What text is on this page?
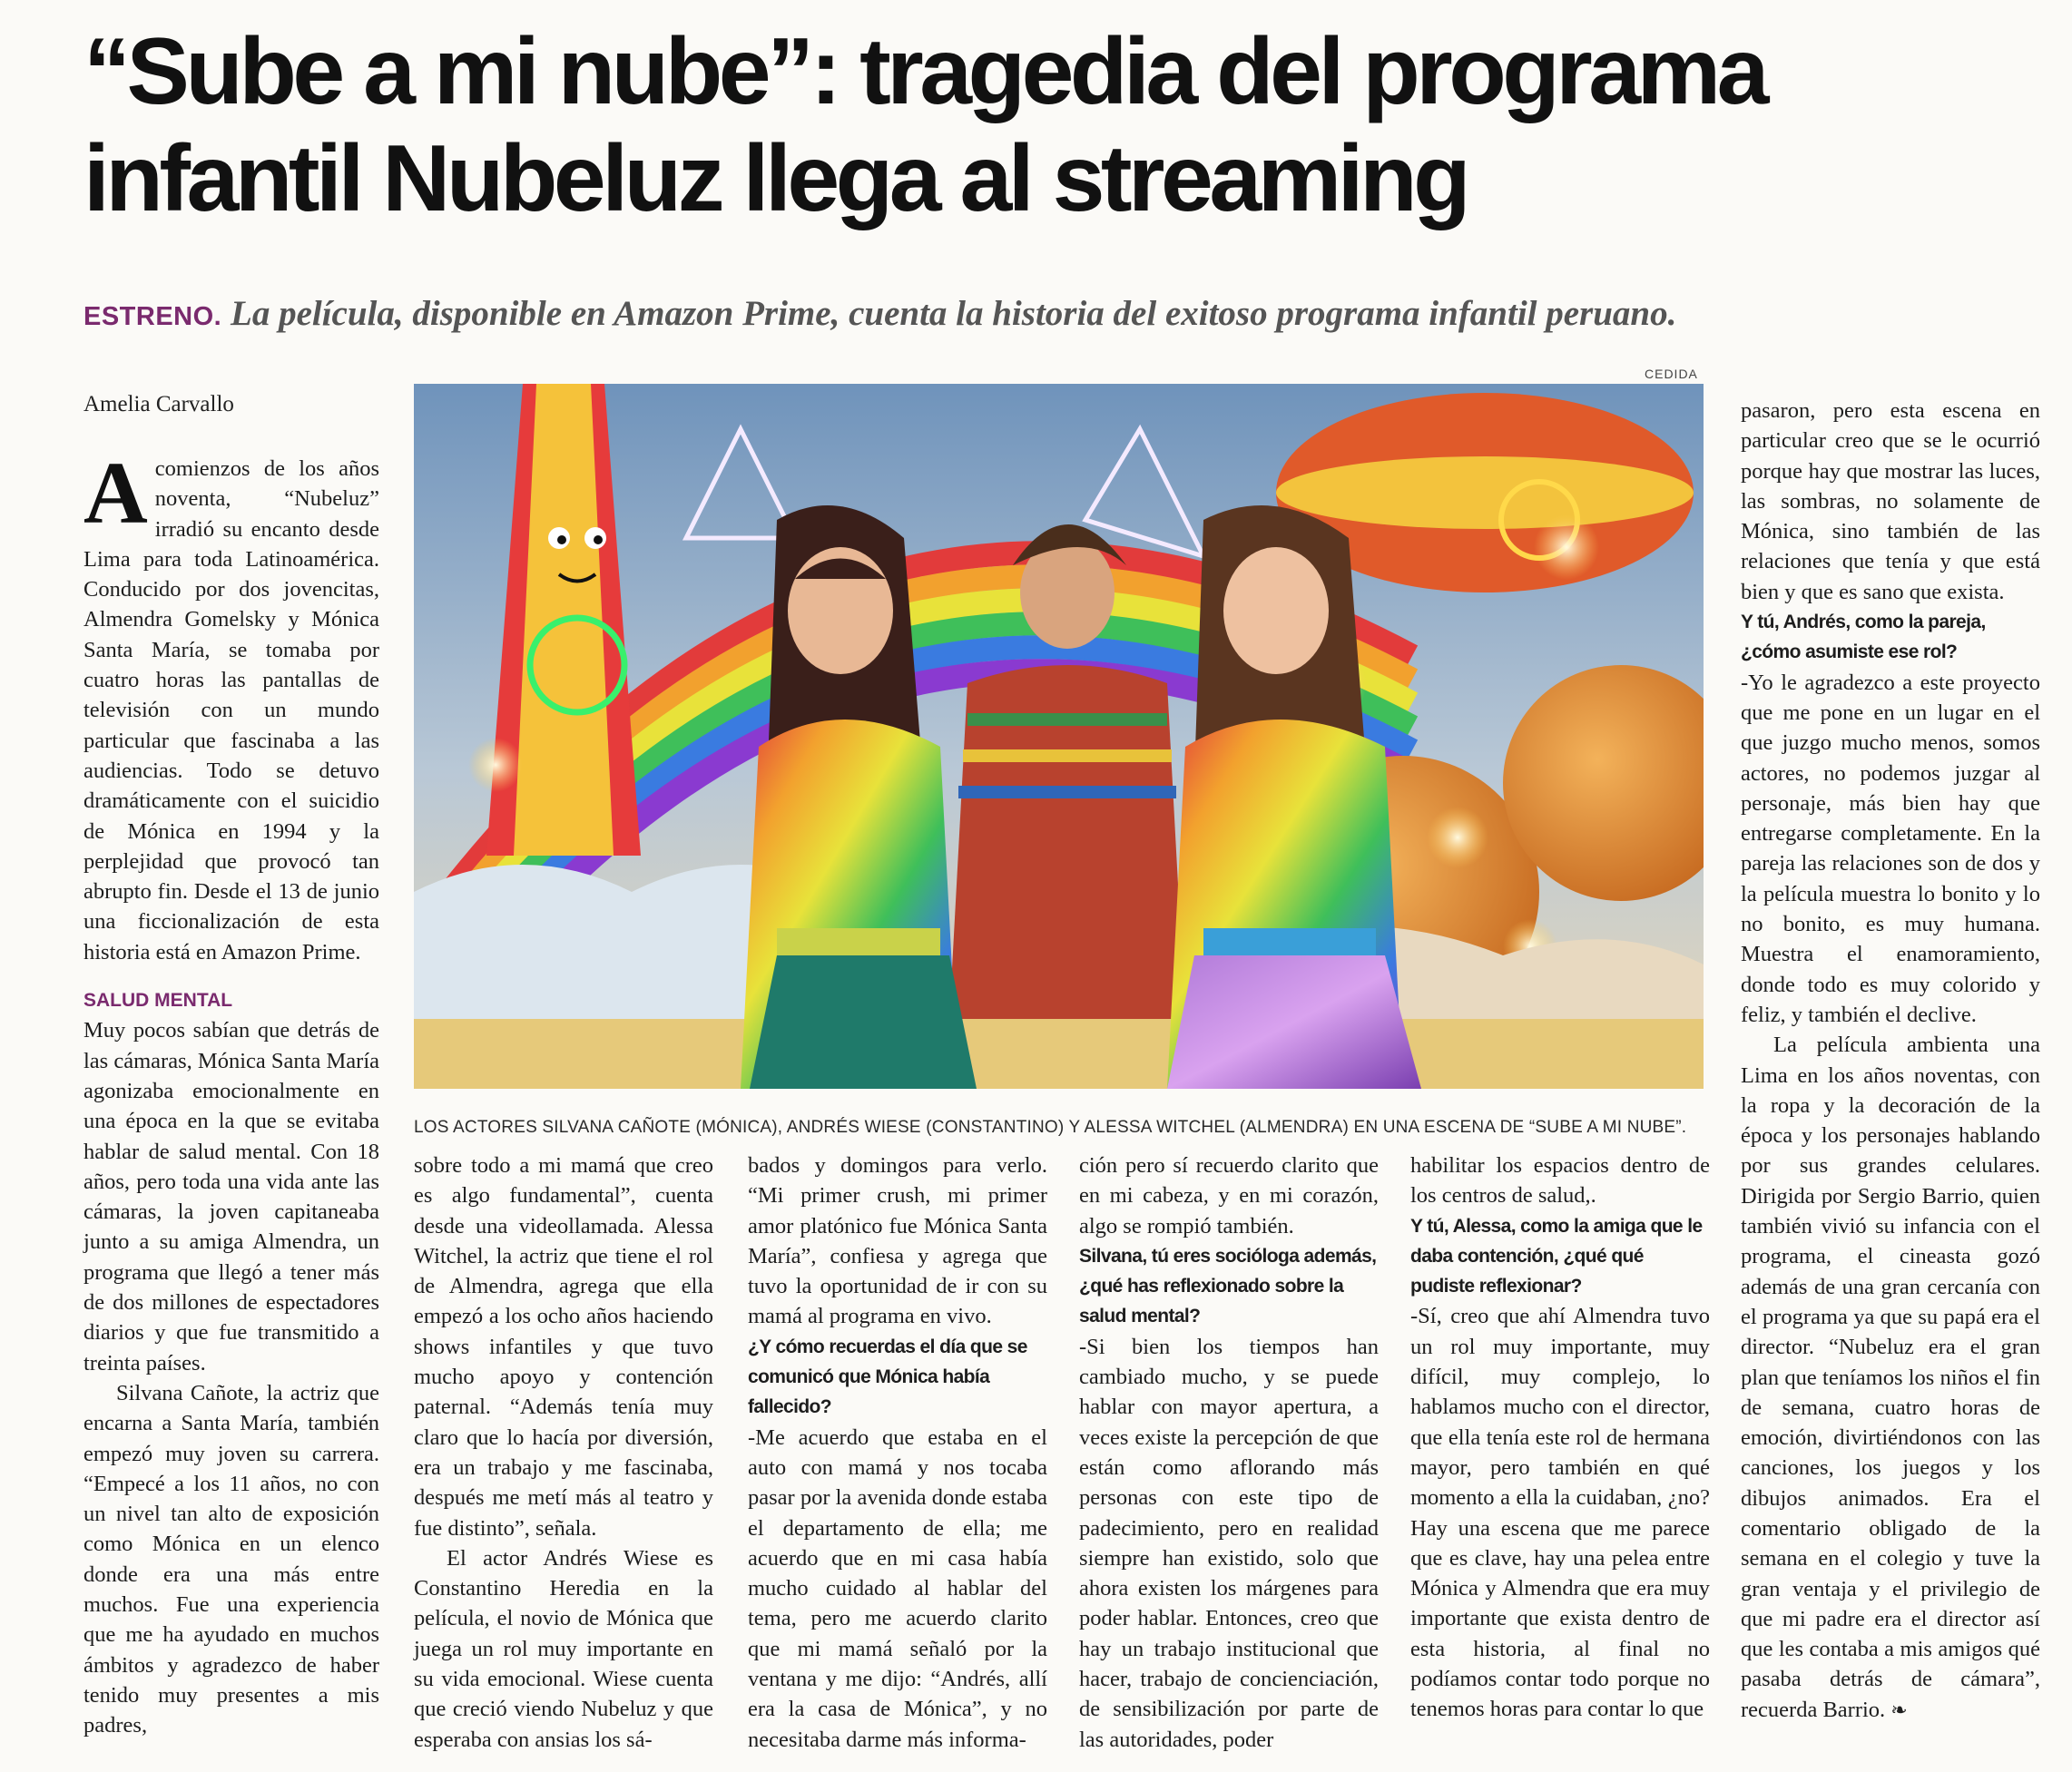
“Sube a mi nube”: tragedia del programa
infantil Nubeluz llega al streaming
ESTRENO. La película, disponible en Amazon Prime, cuenta la historia del exitoso programa infantil peruano.
CEDIDA
Amelia Carvallo

Acomienzos de los años noventa, “Nubeluz” irradió su encanto desde Lima para toda Latinoamérica. Conducido por dos jovencitas, Almendra Gomelsky y Mónica Santa María, se tomaba por cuatro horas las pantallas de televisión con un mundo particular que fascinaba a las audiencias. Todo se detuvo dramáticamente con el suicidio de Mónica en 1994 y la perplejidad que provocó tan abrupto fin. Desde el 13 de junio una ficcionalización de esta historia está en Amazon Prime.

SALUD MENTAL

Muy pocos sabían que detrás de las cámaras, Mónica Santa María agonizaba emocionalmente en una época en la que se evitaba hablar de salud mental. Con 18 años, pero toda una vida ante las cámaras, la joven capitaneaba junto a su amiga Almendra, un programa que llegó a tener más de dos millones de espectadores diarios y que fue transmitido a treinta países.

Silvana Cañote, la actriz que encarna a Santa María, también empezó muy joven su carrera. “Empecé a los 11 años, no con un nivel tan alto de exposición como Mónica en un elenco donde era una más entre muchos. Fue una experiencia que me ha ayudado en muchos ámbitos y agradezco de haber tenido muy presentes a mis padres,

LOS ACTORES SILVANA CAÑOTE (MÓNICA), ANDRÉS WIESE (CONSTANTINO) Y ALESSA WITCHEL (ALMENDRA) EN UNA ESCENA DE “SUBE A MI NUBE”.

sobre todo a mi mamá que creo es algo fundamental”, cuenta desde una videollamada. Alessa Witchel, la actriz que tiene el rol de Almendra, agrega que ella empezó a los ocho años haciendo shows infantiles y que tuvo mucho apoyo y contención paternal. “Además tenía muy claro que lo hacía por diversión, era un trabajo y me fascinaba, después me metí más al teatro y fue distinto”, señala.

El actor Andrés Wiese es Constantino Heredia en la película, el novio de Mónica que juega un rol muy importante en su vida emocional. Wiese cuenta que creció viendo Nubeluz y que esperaba con ansias los sá-

bados y domingos para verlo. “Mi primer crush, mi primer amor platónico fue Mónica Santa María”, confiesa y agrega que tuvo la oportunidad de ir con su mamá al programa en vivo.

¿Y cómo recuerdas el día que se comunicó que Mónica había fallecido?

-Me acuerdo que estaba en el auto con mamá y nos tocaba pasar por la avenida donde estaba el departamento de ella; me acuerdo que en mi casa había mucho cuidado al hablar del tema, pero me acuerdo clarito que mi mamá señaló por la ventana y me dijo: “Andrés, allí era la casa de Mónica”, y no necesitaba darme más informa-

ción pero sí recuerdo clarito que en mi cabeza, y en mi corazón, algo se rompió también.

Silvana, tú eres socióloga además, ¿qué has reflexionado sobre la salud mental?

-Si bien los tiempos han cambiado mucho, y se puede hablar con mayor apertura, a veces existe la percepción de que están como aflorando más personas con este tipo de padecimiento, pero en realidad siempre han existido, solo que ahora existen los márgenes para poder hablar. Entonces, creo que hay un trabajo institucional que hacer, trabajo de concienciación, de sensibilización por parte de las autoridades, poder

habilitar los espacios dentro de los centros de salud,.

Y tú, Alessa, como la amiga que le daba contención, ¿qué qué pudiste reflexionar?

-Sí, creo que ahí Almendra tuvo un rol muy importante, muy difícil, muy complejo, lo hablamos mucho con el director, que ella tenía este rol de hermana mayor, pero también en qué momento a ella la cuidaban, ¿no? Hay una escena que me parece que es clave, hay una pelea entre Mónica y Almendra que era muy importante que exista dentro de esta historia, al final no podíamos contar todo porque no tenemos horas para contar lo que

pasaron, pero esta escena en particular creo que se le ocurrió porque hay que mostrar las luces, las sombras, no solamente de Mónica, sino también de las relaciones que tenía y que está bien y que es sano que exista.

Y tú, Andrés, como la pareja, ¿cómo asumiste ese rol?

-Yo le agradezco a este proyecto que me pone en un lugar en el que juzgo mucho menos, somos actores, no podemos juzgar al personaje, más bien hay que entregarse completamente. En la pareja las relaciones son de dos y la película muestra lo bonito y lo no bonito, es muy humana. Muestra el enamoramiento, donde todo es muy colorido y feliz, y también el declive.

La película ambienta una Lima en los años noventas, con la ropa y la decoración de la época y los personajes hablando por sus grandes celulares. Dirigida por Sergio Barrio, quien también vivió su infancia con el programa, el cineasta gozó además de una gran cercanía con el programa ya que su papá era el director. “Nubeluz era el gran plan que teníamos los niños el fin de semana, cuatro horas de emoción, divirtiéndonos con las canciones, los juegos y los dibujos animados. Era el comentario obligado de la semana en el colegio y tuve la gran ventaja y el privilegio de que mi padre era el director así que les contaba a mis amigos qué pasaba detrás de cámara”, recuerda Barrio. ❧
